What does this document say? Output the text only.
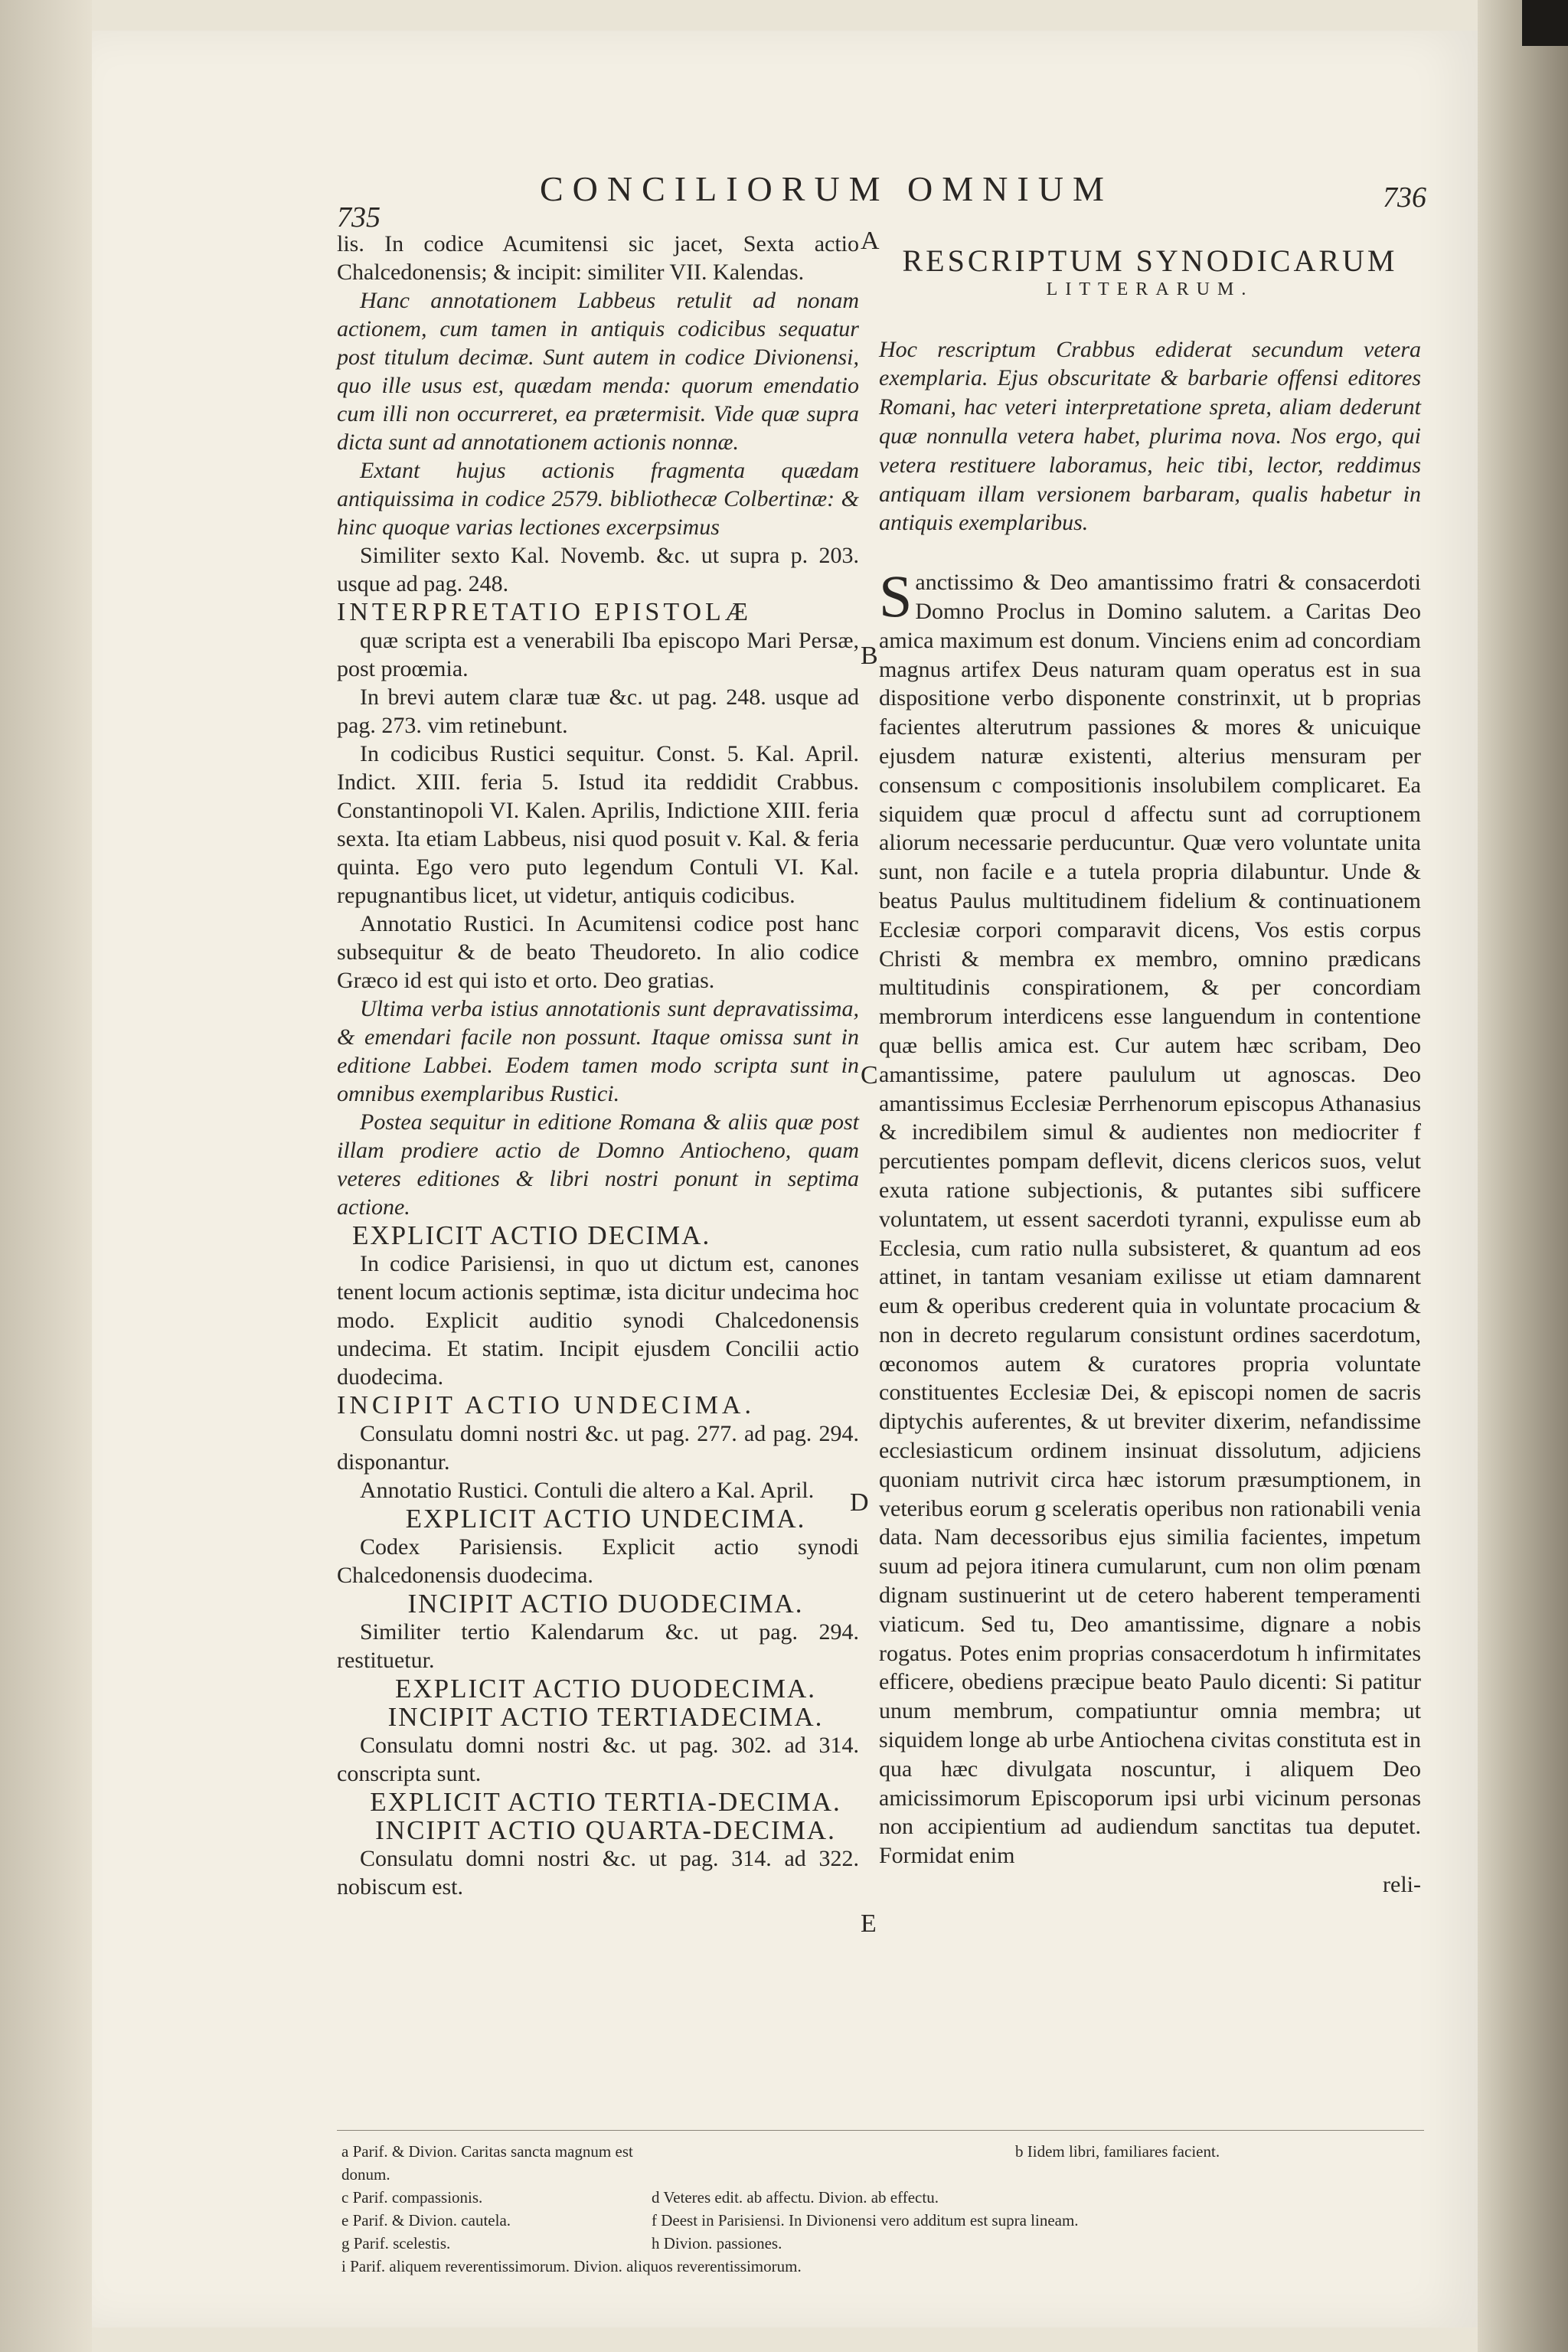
735
CONCILIORUM OMNIUM	736
A
B
C
D
E

lis. In codice Acumitensi sic jacet, Sexta actio Chalcedonensis; & incipit: similiter VII. Kalendas.

Hanc annotationem Labbeus retulit ad nonam actionem, cum tamen in antiquis codicibus sequatur post titulum decimæ. Sunt autem in codice Divionensi, quo ille usus est, quædam menda: quorum emendatio cum illi non occurreret, ea prætermisit. Vide quæ supra dicta sunt ad annotationem actionis nonnæ.

Extant hujus actionis fragmenta quædam antiquissima in codice 2579. bibliothecæ Colbertinæ: & hinc quoque varias lectiones excerpsimus

Similiter sexto Kal. Novemb. &c. ut supra p. 203. usque ad pag. 248.

INTERPRETATIO EPISTOLÆ

quæ scripta est a venerabili Iba episcopo Mari Persæ, post proœmia.

In brevi autem claræ tuæ &c. ut pag. 248. usque ad pag. 273. vim retinebunt.

In codicibus Rustici sequitur. Const. 5. Kal. April. Indict. XIII. feria 5. Istud ita reddidit Crabbus. Constantinopoli VI. Kalen. Aprilis, Indictione XIII. feria sexta. Ita etiam Labbeus, nisi quod posuit v. Kal. & feria quinta. Ego vero puto legendum Contuli VI. Kal. repugnantibus licet, ut videtur, antiquis codicibus.

Annotatio Rustici. In Acumitensi codice post hanc subsequitur & de beato Theudoreto. In alio codice Græco id est qui isto et orto. Deo gratias.

Ultima verba istius annotationis sunt depravatissima, & emendari facile non possunt. Itaque omissa sunt in editione Labbei. Eodem tamen modo scripta sunt in omnibus exemplaribus Rustici.

Postea sequitur in editione Romana & aliis quæ post illam prodiere actio de Domno Antiocheno, quam veteres editiones & libri nostri ponunt in septima actione.

EXPLICIT ACTIO DECIMA.

In codice Parisiensi, in quo ut dictum est, canones tenent locum actionis septimæ, ista dicitur undecima hoc modo. Explicit auditio synodi Chalcedonensis undecima. Et statim. Incipit ejusdem Concilii actio duodecima.

INCIPIT ACTIO UNDECIMA.

Consulatu domni nostri &c. ut pag. 277. ad pag. 294. disponantur.

Annotatio Rustici. Contuli die altero a Kal. April.

EXPLICIT ACTIO UNDECIMA.

Codex Parisiensis. Explicit actio synodi Chalcedonensis duodecima.

INCIPIT ACTIO DUODECIMA.

Similiter tertio Kalendarum &c. ut pag. 294. restituetur.

EXPLICIT ACTIO DUODECIMA.

INCIPIT ACTIO TERTIADECIMA.

Consulatu domni nostri &c. ut pag. 302. ad 314. conscripta sunt.

EXPLICIT ACTIO TERTIA-DECIMA.

INCIPIT ACTIO QUARTA-DECIMA.

Consulatu domni nostri &c. ut pag. 314. ad 322. nobiscum est.

RESCRIPTUM SYNODICARUM

LITTERARUM.

Hoc rescriptum Crabbus ediderat secundum vetera exemplaria. Ejus obscuritate & barbarie offensi editores Romani, hac veteri interpretatione spreta, aliam dederunt quæ nonnulla vetera habet, plurima nova. Nos ergo, qui vetera restituere laboramus, heic tibi, lector, reddimus antiquam illam versionem barbaram, qualis habetur in antiquis exemplaribus.

Sanctissimo & Deo amantissimo fratri & consacerdoti Domno Proclus in Domino salutem. a Caritas Deo amica maximum est donum. Vinciens enim ad concordiam magnus artifex Deus naturam quam operatus est in sua dispositione verbo disponente constrinxit, ut b proprias facientes alterutrum passiones & mores & unicuique ejusdem naturæ existenti, alterius mensuram per consensum c compositionis insolubilem complicaret. Ea siquidem quæ procul d affectu sunt ad corruptionem aliorum necessarie perducuntur. Quæ vero voluntate unita sunt, non facile e a tutela propria dilabuntur. Unde & beatus Paulus multitudinem fidelium & continuationem Ecclesiæ corpori comparavit dicens, Vos estis corpus Christi & membra ex membro, omnino prædicans multitudinis conspirationem, & per concordiam membrorum interdicens esse languendum in contentione quæ bellis amica est. Cur autem hæc scribam, Deo amantissime, patere paululum ut agnoscas. Deo amantissimus Ecclesiæ Perrhenorum episcopus Athanasius & incredibilem simul & audientes non mediocriter f percutientes pompam deflevit, dicens clericos suos, velut exuta ratione subjectionis, & putantes sibi sufficere voluntatem, ut essent sacerdoti tyranni, expulisse eum ab Ecclesia, cum ratio nulla subsisteret, & quantum ad eos attinet, in tantam vesaniam exilisse ut etiam damnarent eum & operibus crederent quia in voluntate procacium & non in decreto regularum consistunt ordines sacerdotum, œconomos autem & curatores propria voluntate constituentes Ecclesiæ Dei, & episcopi nomen de sacris diptychis auferentes, & ut breviter dixerim, nefandissime ecclesiasticum ordinem insinuat dissolutum, adjiciens quoniam nutrivit circa hæc istorum præsumptionem, in veteribus eorum g sceleratis operibus non rationabili venia data. Nam decessoribus ejus similia facientes, impetum suum ad pejora itinera cumularunt, cum non olim pœnam dignam sustinuerint ut de cetero haberent temperamenti viaticum. Sed tu, Deo amantissime, dignare a nobis rogatus. Potes enim proprias consacerdotum h infirmitates efficere, obediens præcipue beato Paulo dicenti: Si patitur unum membrum, compatiuntur omnia membra; ut siquidem longe ab urbe Antiochena civitas constituta est in qua hæc divulgata noscuntur, i aliquem Deo amicissimorum Episcoporum ipsi urbi vicinum personas non accipientium ad audiendum sanctitas tua deputet. Formidat enim

reli-

a Parif. & Divion. Caritas sancta magnum est donum.
b Iidem libri, familiares facient.
c Parif. compassionis.	d Veteres edit. ab affectu. Divion. ab effectu.
e Parif. & Divion. cautela.	f Deest in Parisiensi. In Divionensi vero additum est supra lineam.
g Parif. scelestis.	h Divion. passiones.
i Parif. aliquem reverentissimorum. Divion. aliquos reverentissimorum.
